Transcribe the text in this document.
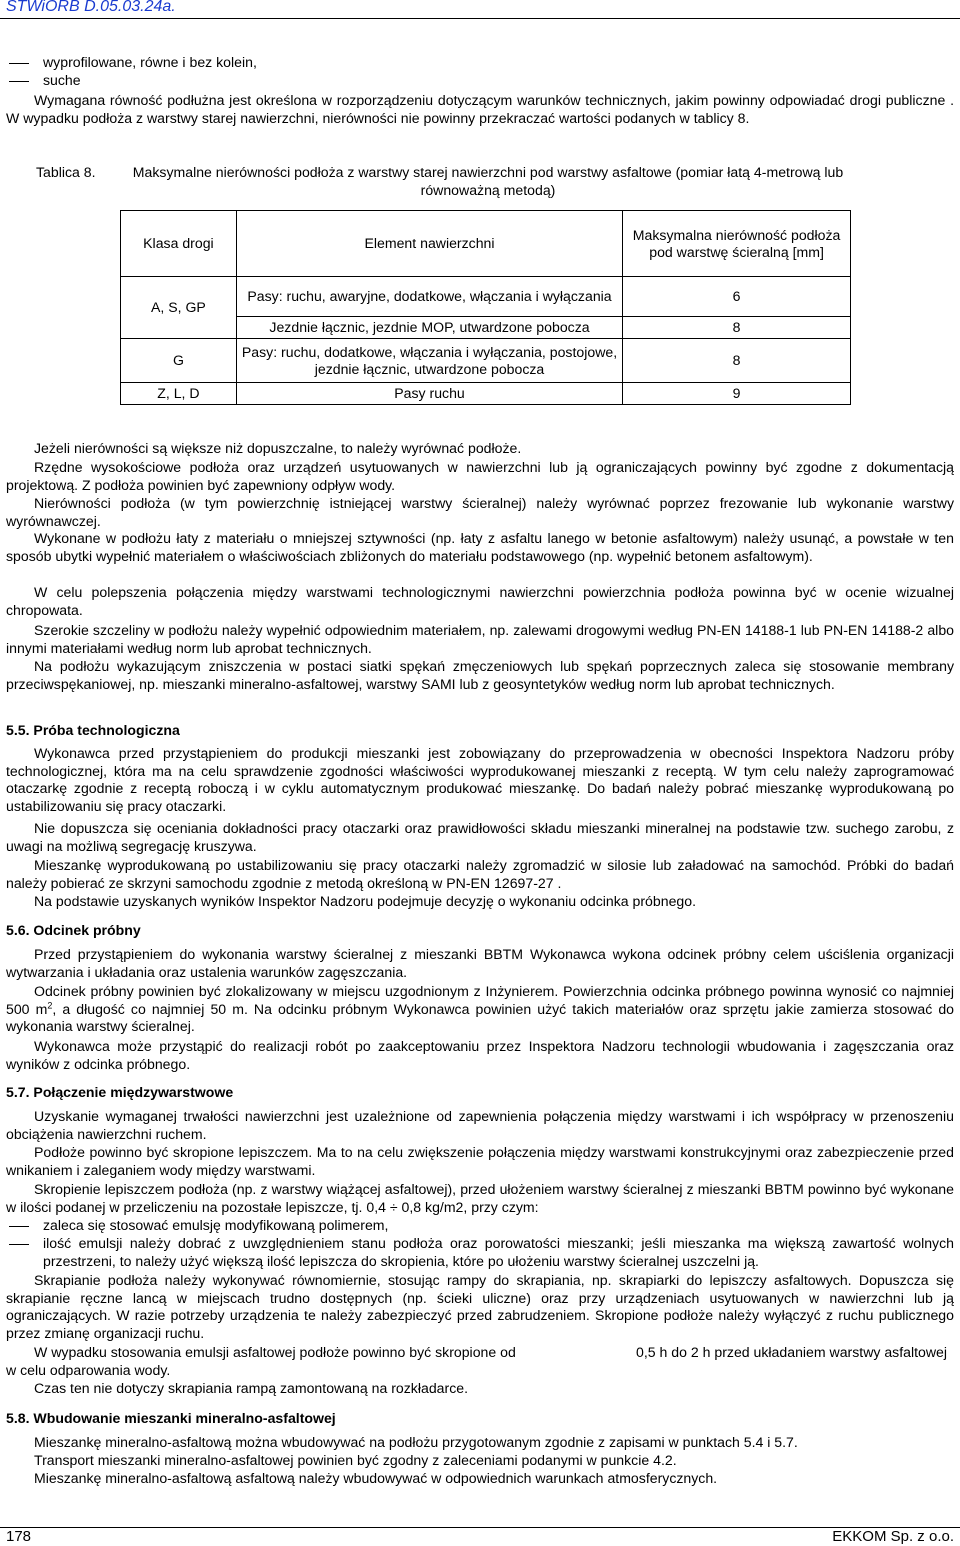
STWiORB D.05.03.24a.
wyprofilowane, równe i bez kolein,
suche
Wymagana równość podłużna jest określona w rozporządzeniu dotyczącym warunków technicznych, jakim powinny odpowiadać drogi publiczne . W wypadku podłoża z warstwy starej nawierzchni, nierówności nie powinny przekraczać wartości podanych w tablicy 8.
Tablica 8.	Maksymalne nierówności podłoża z warstwy starej nawierzchni pod warstwy asfaltowe (pomiar łatą 4-metrową lub równoważną metodą)
Klasa drogi	Element nawierzchni	Maksymalna nierówność podłoża pod warstwę ścieralną [mm]
A, S, GP	Pasy: ruchu, awaryjne, dodatkowe, włączania i wyłączania	6
	Jezdnie łącznic, jezdnie MOP, utwardzone pobocza	8
G	Pasy: ruchu, dodatkowe, włączania i wyłączania, postojowe, jezdnie łącznic, utwardzone pobocza	8
Z, L, D	Pasy ruchu	9
Jeżeli nierówności są większe niż dopuszczalne, to należy wyrównać podłoże.
Rzędne wysokościowe podłoża oraz urządzeń usytuowanych w nawierzchni lub ją ograniczających powinny być zgodne z dokumentacją projektową. Z podłoża powinien być zapewniony odpływ wody.
Nierówności podłoża (w tym powierzchnię istniejącej warstwy ścieralnej) należy wyrównać poprzez frezowanie lub wykonanie warstwy wyrównawczej.
Wykonane w podłożu łaty z materiału o mniejszej sztywności (np. łaty z asfaltu lanego w betonie asfaltowym) należy usunąć, a powstałe w ten sposób ubytki wypełnić materiałem o właściwościach zbliżonych do materiału podstawowego (np. wypełnić betonem asfaltowym).
W celu polepszenia połączenia między warstwami technologicznymi nawierzchni powierzchnia podłoża powinna być w ocenie wizualnej chropowata.
Szerokie szczeliny w podłożu należy wypełnić odpowiednim materiałem, np. zalewami drogowymi według PN-EN 14188-1 lub PN-EN 14188-2 albo innymi materiałami według norm lub aprobat technicznych.
Na podłożu wykazującym zniszczenia w postaci siatki spękań zmęczeniowych lub spękań poprzecznych zaleca się stosowanie membrany przeciwspękaniowej, np. mieszanki mineralno-asfaltowej, warstwy SAMI lub z geosyntetyków według norm lub aprobat technicznych.
5.5. Próba technologiczna
Wykonawca przed przystąpieniem do produkcji mieszanki jest zobowiązany do przeprowadzenia w obecności Inspektora Nadzoru próby technologicznej, która ma na celu sprawdzenie zgodności właściwości wyprodukowanej mieszanki z receptą. W tym celu należy zaprogramować otaczarkę zgodnie z receptą roboczą i w cyklu automatycznym produkować mieszankę. Do badań należy pobrać mieszankę wyprodukowaną po ustabilizowaniu się pracy otaczarki.
Nie dopuszcza się oceniania dokładności pracy otaczarki oraz prawidłowości składu mieszanki mineralnej na podstawie tzw. suchego zarobu, z uwagi na możliwą segregację kruszywa.
Mieszankę wyprodukowaną po ustabilizowaniu się pracy otaczarki należy zgromadzić w silosie lub załadować na samochód. Próbki do badań należy pobierać ze skrzyni samochodu zgodnie z metodą określoną w PN-EN 12697-27 .
Na podstawie uzyskanych wyników Inspektor Nadzoru podejmuje decyzję o wykonaniu odcinka próbnego.
5.6. Odcinek próbny
Przed przystąpieniem do wykonania warstwy ścieralnej z mieszanki BBTM Wykonawca wykona odcinek próbny celem uściślenia organizacji wytwarzania i układania oraz ustalenia warunków zagęszczania.
Odcinek próbny powinien być zlokalizowany w miejscu uzgodnionym z Inżynierem. Powierzchnia odcinka próbnego powinna wynosić co najmniej 500 $m^2$, a długość co najmniej 50 m. Na odcinku próbnym Wykonawca powinien użyć takich materiałów oraz sprzętu jakie zamierza stosować do wykonania warstwy ścieralnej.
Wykonawca może przystąpić do realizacji robót po zaakceptowaniu przez Inspektora Nadzoru technologii wbudowania i zagęszczania oraz wyników z odcinka próbnego.
5.7. Połączenie międzywarstwowe
Uzyskanie wymaganej trwałości nawierzchni jest uzależnione od zapewnienia połączenia między warstwami i ich współpracy w przenoszeniu obciążenia nawierzchni ruchem.
Podłoże powinno być skropione lepiszczem. Ma to na celu zwiększenie połączenia między warstwami konstrukcyjnymi oraz zabezpieczenie przed wnikaniem i zaleganiem wody między warstwami.
Skropienie lepiszczem podłoża (np. z warstwy wiążącej asfaltowej), przed ułożeniem warstwy ścieralnej z mieszanki BBTM powinno być wykonane w ilości podanej w przeliczeniu na pozostałe lepiszcze, tj. 0,4 ÷ 0,8 kg/m2, przy czym:
zaleca się stosować emulsję modyfikowaną polimerem,
ilość emulsji należy dobrać z uwzględnieniem stanu podłoża oraz porowatości mieszanki; jeśli mieszanka ma większą zawartość wolnych przestrzeni, to należy użyć większą ilość lepiszcza do skropienia, które po ułożeniu warstwy ścieralnej uszczelni ją.
Skrapianie podłoża należy wykonywać równomiernie, stosując rampy do skrapiania, np. skrapiarki do lepiszczy asfaltowych. Dopuszcza się skrapianie ręczne lancą w miejscach trudno dostępnych (np. ścieki uliczne) oraz przy urządzeniach usytuowanych w nawierzchni lub ją ograniczających. W razie potrzeby urządzenia te należy zabezpieczyć przed zabrudzeniem. Skropione podłoże należy wyłączyć z ruchu publicznego przez zmianę organizacji ruchu.
W wypadku stosowania emulsji asfaltowej podłoże powinno być skropione od	0,5 h do 2 h przed układaniem warstwy asfaltowej
w celu odparowania wody.
Czas ten nie dotyczy skrapiania rampą zamontowaną na rozkładarce.
5.8. Wbudowanie mieszanki mineralno-asfaltowej
Mieszankę mineralno-asfaltową można wbudowywać na podłożu przygotowanym zgodnie z zapisami w punktach 5.4 i 5.7.
Transport mieszanki mineralno-asfaltowej powinien być zgodny z zaleceniami podanymi w punkcie 4.2.
Mieszankę mineralno-asfaltową asfaltową należy wbudowywać w odpowiednich warunkach atmosferycznych.
178	EKKOM Sp. z o.o.
